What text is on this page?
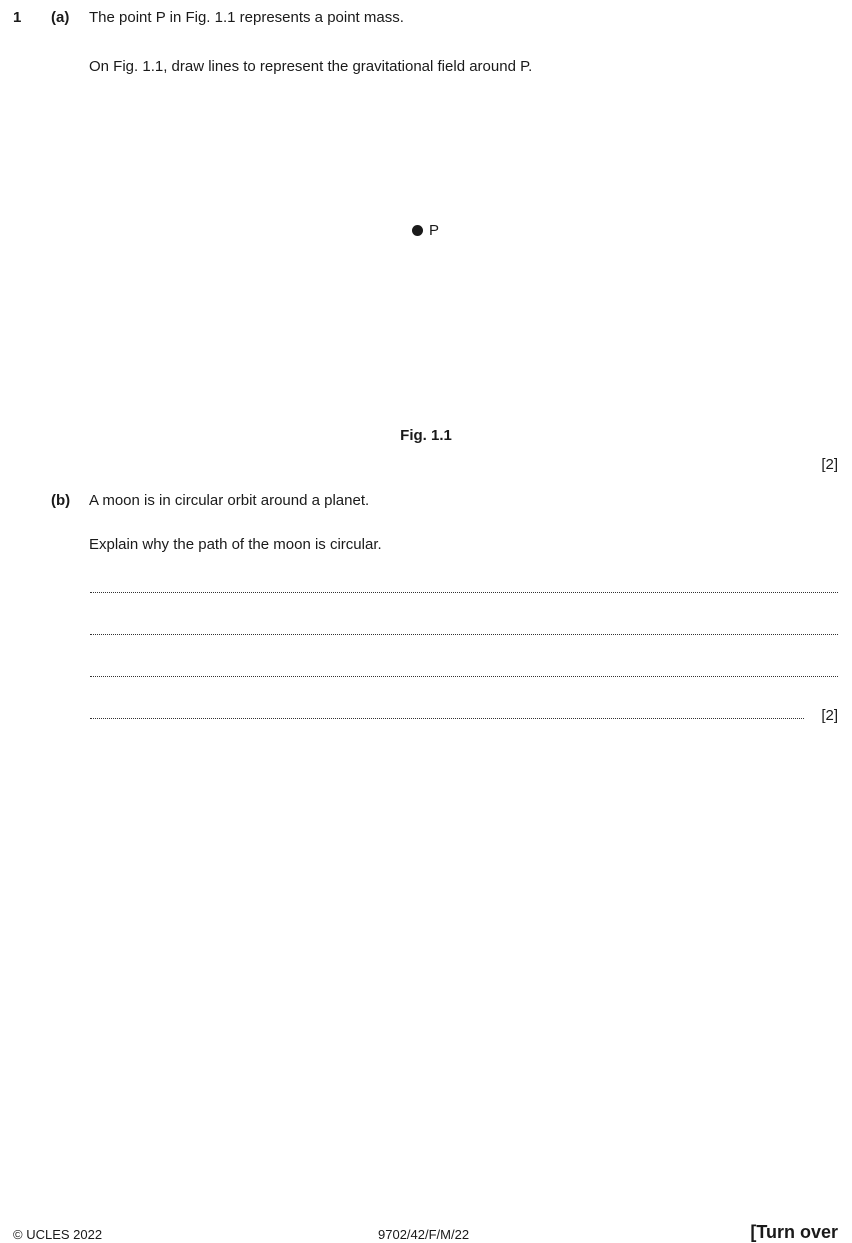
1 (a) The point P in Fig. 1.1 represents a point mass.
On Fig. 1.1, draw lines to represent the gravitational field around P.
P
Fig. 1.1
[2]
(b) A moon is in circular orbit around a planet.
Explain why the path of the moon is circular.
[2]
© UCLES 2022	9702/42/F/M/22	[Turn over
